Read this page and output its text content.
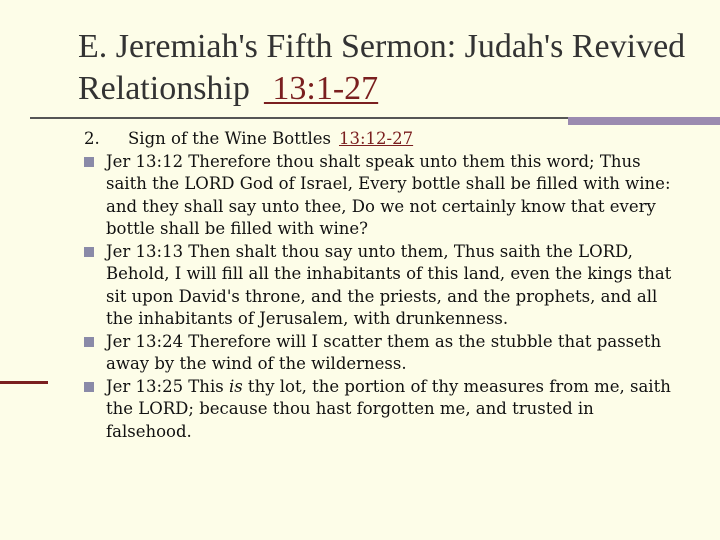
E. Jeremiah's Fifth Sermon: Judah's Revived Relationship 13:1-27
2. Sign of the Wine Bottles 13:12-27
Jer 13:12 Therefore thou shalt speak unto them this word; Thus saith the LORD God of Israel, Every bottle shall be filled with wine: and they shall say unto thee, Do we not certainly know that every bottle shall be filled with wine?
Jer 13:13 Then shalt thou say unto them, Thus saith the LORD, Behold, I will fill all the inhabitants of this land, even the kings that sit upon David's throne, and the priests, and the prophets, and all the inhabitants of Jerusalem, with drunkenness.
Jer 13:24 Therefore will I scatter them as the stubble that passeth away by the wind of the wilderness.
Jer 13:25 This is thy lot, the portion of thy measures from me, saith the LORD; because thou hast forgotten me, and trusted in falsehood.
